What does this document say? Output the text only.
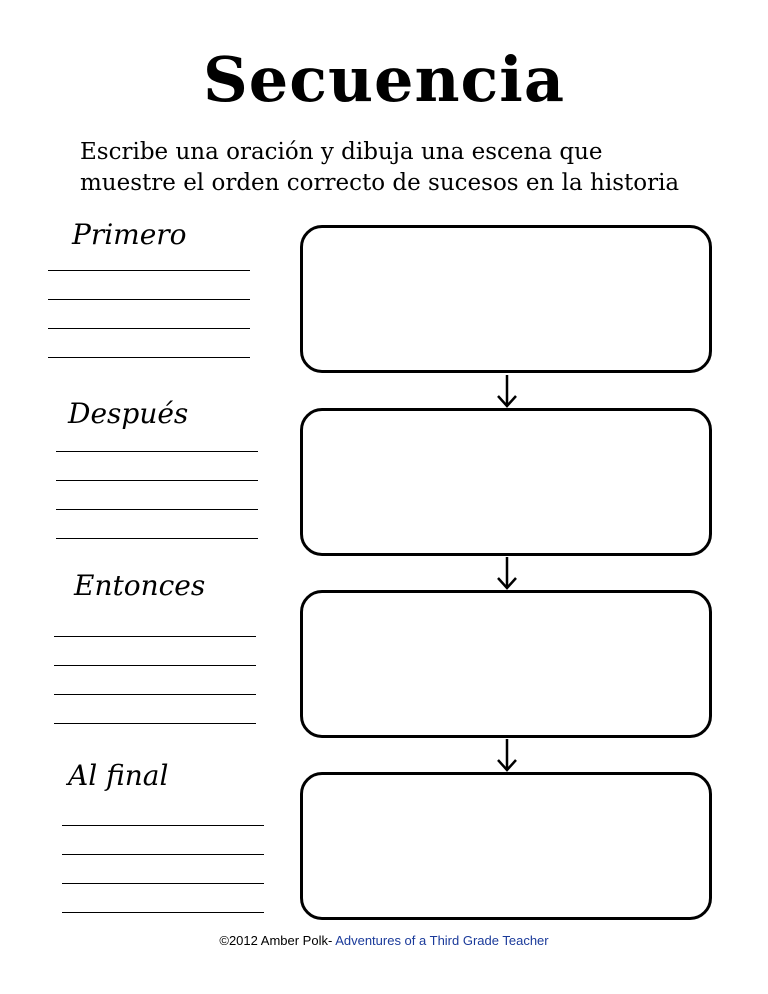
Secuencia
Escribe una oración y dibuja una escena que
muestre el orden correcto de sucesos en la historia
Primero
Después
Entonces
Al final
©2012 Amber Polk- Adventures of a Third Grade Teacher
